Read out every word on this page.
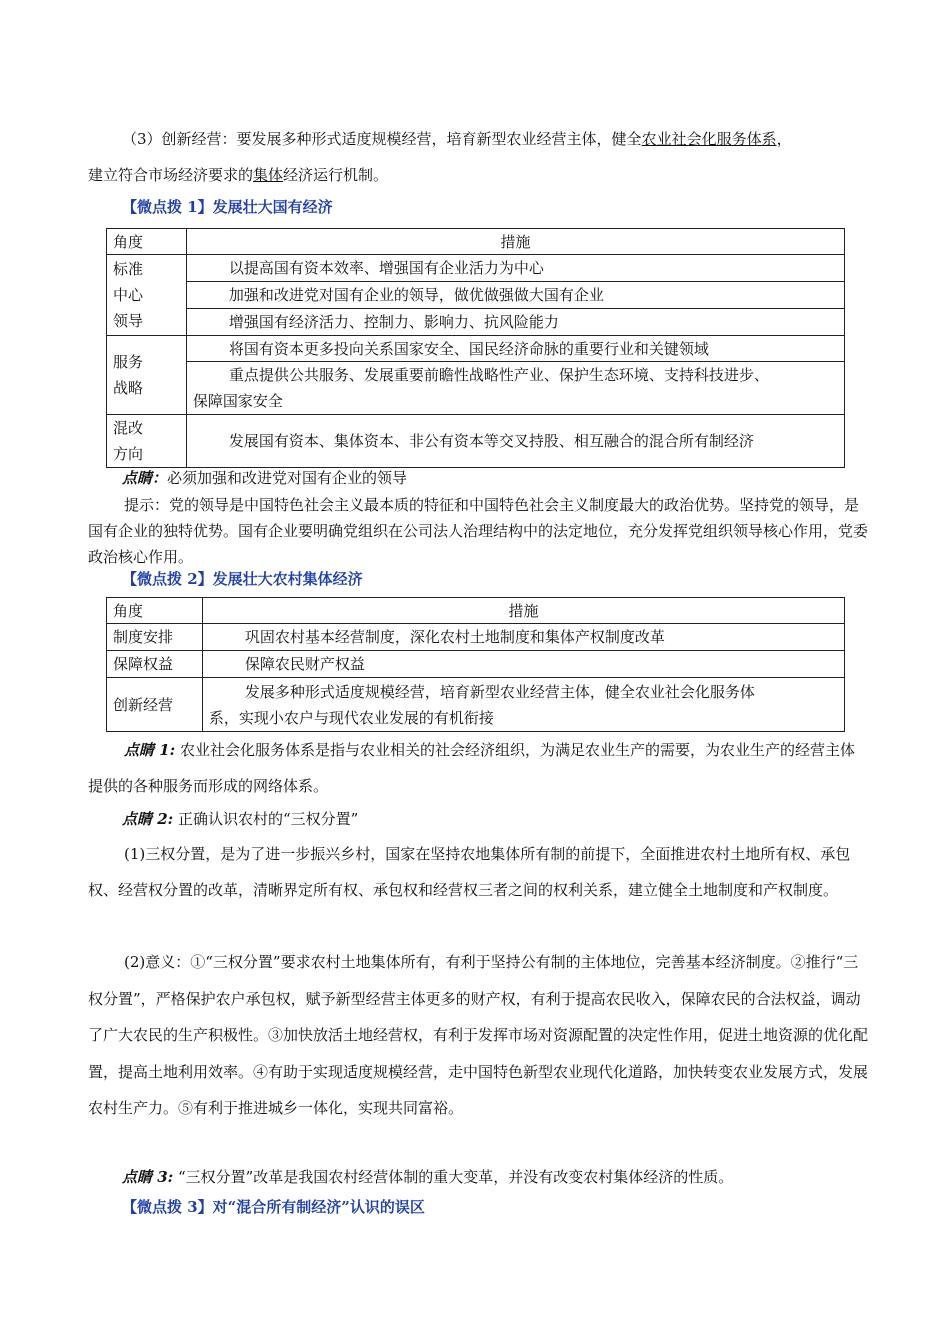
（3）创新经营：要发展多种形式适度规模经营，培育新型农业经营主体，健全农业社会化服务体系，
建立符合市场经济要求的集体经济运行机制。
【微点拨 1】发展壮大国有经济
角度	措施

标准
中心
领导	以提高国有资本效率、增强国有企业活力为中心
	加强和改进党对国有企业的领导，做优做强做大国有企业
	增强国有经济活力、控制力、影响力、抗风险能力

服务
战略	将国有资本更多投向关系国家安全、国民经济命脉的重要行业和关键领域

	重点提供公共服务、发展重要前瞻性战略性产业、保护生态环境、支持科技进步、
保障国家安全

混改
方向	发展国有资本、集体资本、非公有资本等交叉持股、相互融合的混合所有制经济
点睛：必须加强和改进党对国有企业的领导
提示：党的领导是中国特色社会主义最本质的特征和中国特色社会主义制度最大的政治优势。坚持党的领导，是国有企业的独特优势。国有企业要明确党组织在公司法人治理结构中的法定地位，充分发挥党组织领导核心作用，党委政治核心作用。
【微点拨 2】发展壮大农村集体经济
角度	措施
制度安排	巩固农村基本经营制度，深化农村土地制度和集体产权制度改革
保障权益	保障农民财产权益
创新经营	发展多种形式适度规模经营，培育新型农业经营主体，健全农业社会化服务体
系，实现小农户与现代农业发展的有机衔接
点睛 1: 农业社会化服务体系是指与农业相关的社会经济组织，为满足农业生产的需要，为农业生产的经营主体提供的各种服务而形成的网络体系。
点睛 2: 正确认识农村的“三权分置”
(1)三权分置，是为了进一步振兴乡村，国家在坚持农地集体所有制的前提下，全面推进农村土地所有权、承包权、经营权分置的改革，清晰界定所有权、承包权和经营权三者之间的权利关系，建立健全土地制度和产权制度。
(2)意义：①“三权分置”要求农村土地集体所有，有利于坚持公有制的主体地位，完善基本经济制度。②推行“三权分置”，严格保护农户承包权，赋予新型经营主体更多的财产权，有利于提高农民收入，保障农民的合法权益，调动了广大农民的生产积极性。③加快放活土地经营权，有利于发挥市场对资源配置的决定性作用，促进土地资源的优化配置，提高土地利用效率。④有助于实现适度规模经营，走中国特色新型农业现代化道路，加快转变农业发展方式，发展农村生产力。⑤有利于推进城乡一体化，实现共同富裕。
点睛 3: “三权分置”改革是我国农村经营体制的重大变革，并没有改变农村集体经济的性质。
【微点拨 3】对“混合所有制经济”认识的误区
